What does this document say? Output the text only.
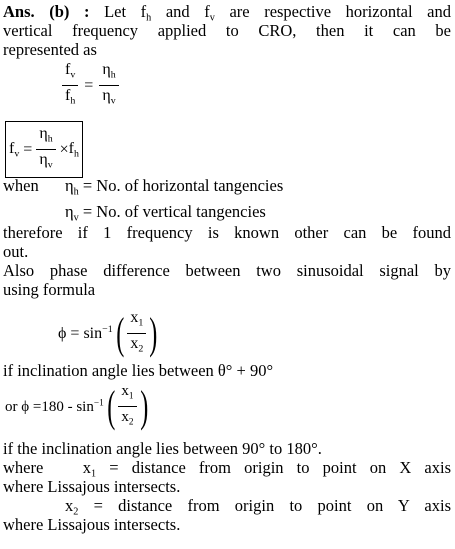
Ans. (b) : Let $f_h$ and $f_v$ are respective horizontal and
vertical frequency applied to CRO, then it can be
represented as
$\frac{f_v}{f_h} = \frac{\eta_h}{\eta_v}$
$f_v = \frac{\eta_h}{\eta_v} \times f_h$
when $\eta_h = No$. of horizontal tangencies
$\eta_v = No$. of vertical tangencies
therefore if 1 frequency is known other can be found
out.
Also phase difference between two sinusoidal signal by
using formula
$\phi = \sin^{-1}( \frac{x_1}{x_2}$ )
if inclination angle lies between θ° + 90°
or $\phi =180 - \sin^{-1}( \frac{x_1}{x_2}$ )
if the inclination angle lies between 90° to 180°.
where   $x_1$ = distance from origin to point on X axis
where Lissajous intersects.
$x_2$ = distance from origin to point on Y axis
where Lissajous intersects.
